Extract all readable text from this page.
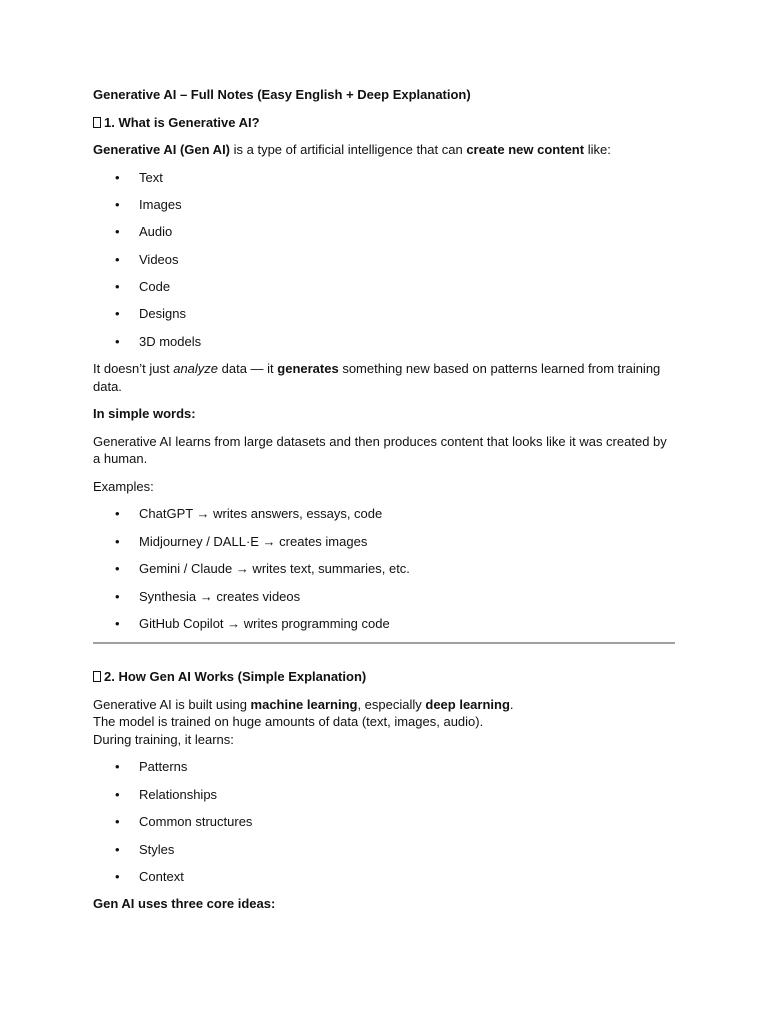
Generative AI – Full Notes (Easy English + Deep Explanation)

1. What is Generative AI?

Generative AI (Gen AI) is a type of artificial intelligence that can create new content like:

• Text
• Images
• Audio
• Videos
• Code
• Designs
• 3D models

It doesn’t just analyze data — it generates something new based on patterns learned from training data.

In simple words:

Generative AI learns from large datasets and then produces content that looks like it was created by a human.

Examples:

• ChatGPT → writes answers, essays, code
• Midjourney / DALL·E → creates images
• Gemini / Claude → writes text, summaries, etc.
• Synthesia → creates videos
• GitHub Copilot → writes programming code

2. How Gen AI Works (Simple Explanation)

Generative AI is built using machine learning, especially deep learning.

The model is trained on huge amounts of data (text, images, audio).

During training, it learns:

• Patterns
• Relationships
• Common structures
• Styles
• Context

Gen AI uses three core ideas:
